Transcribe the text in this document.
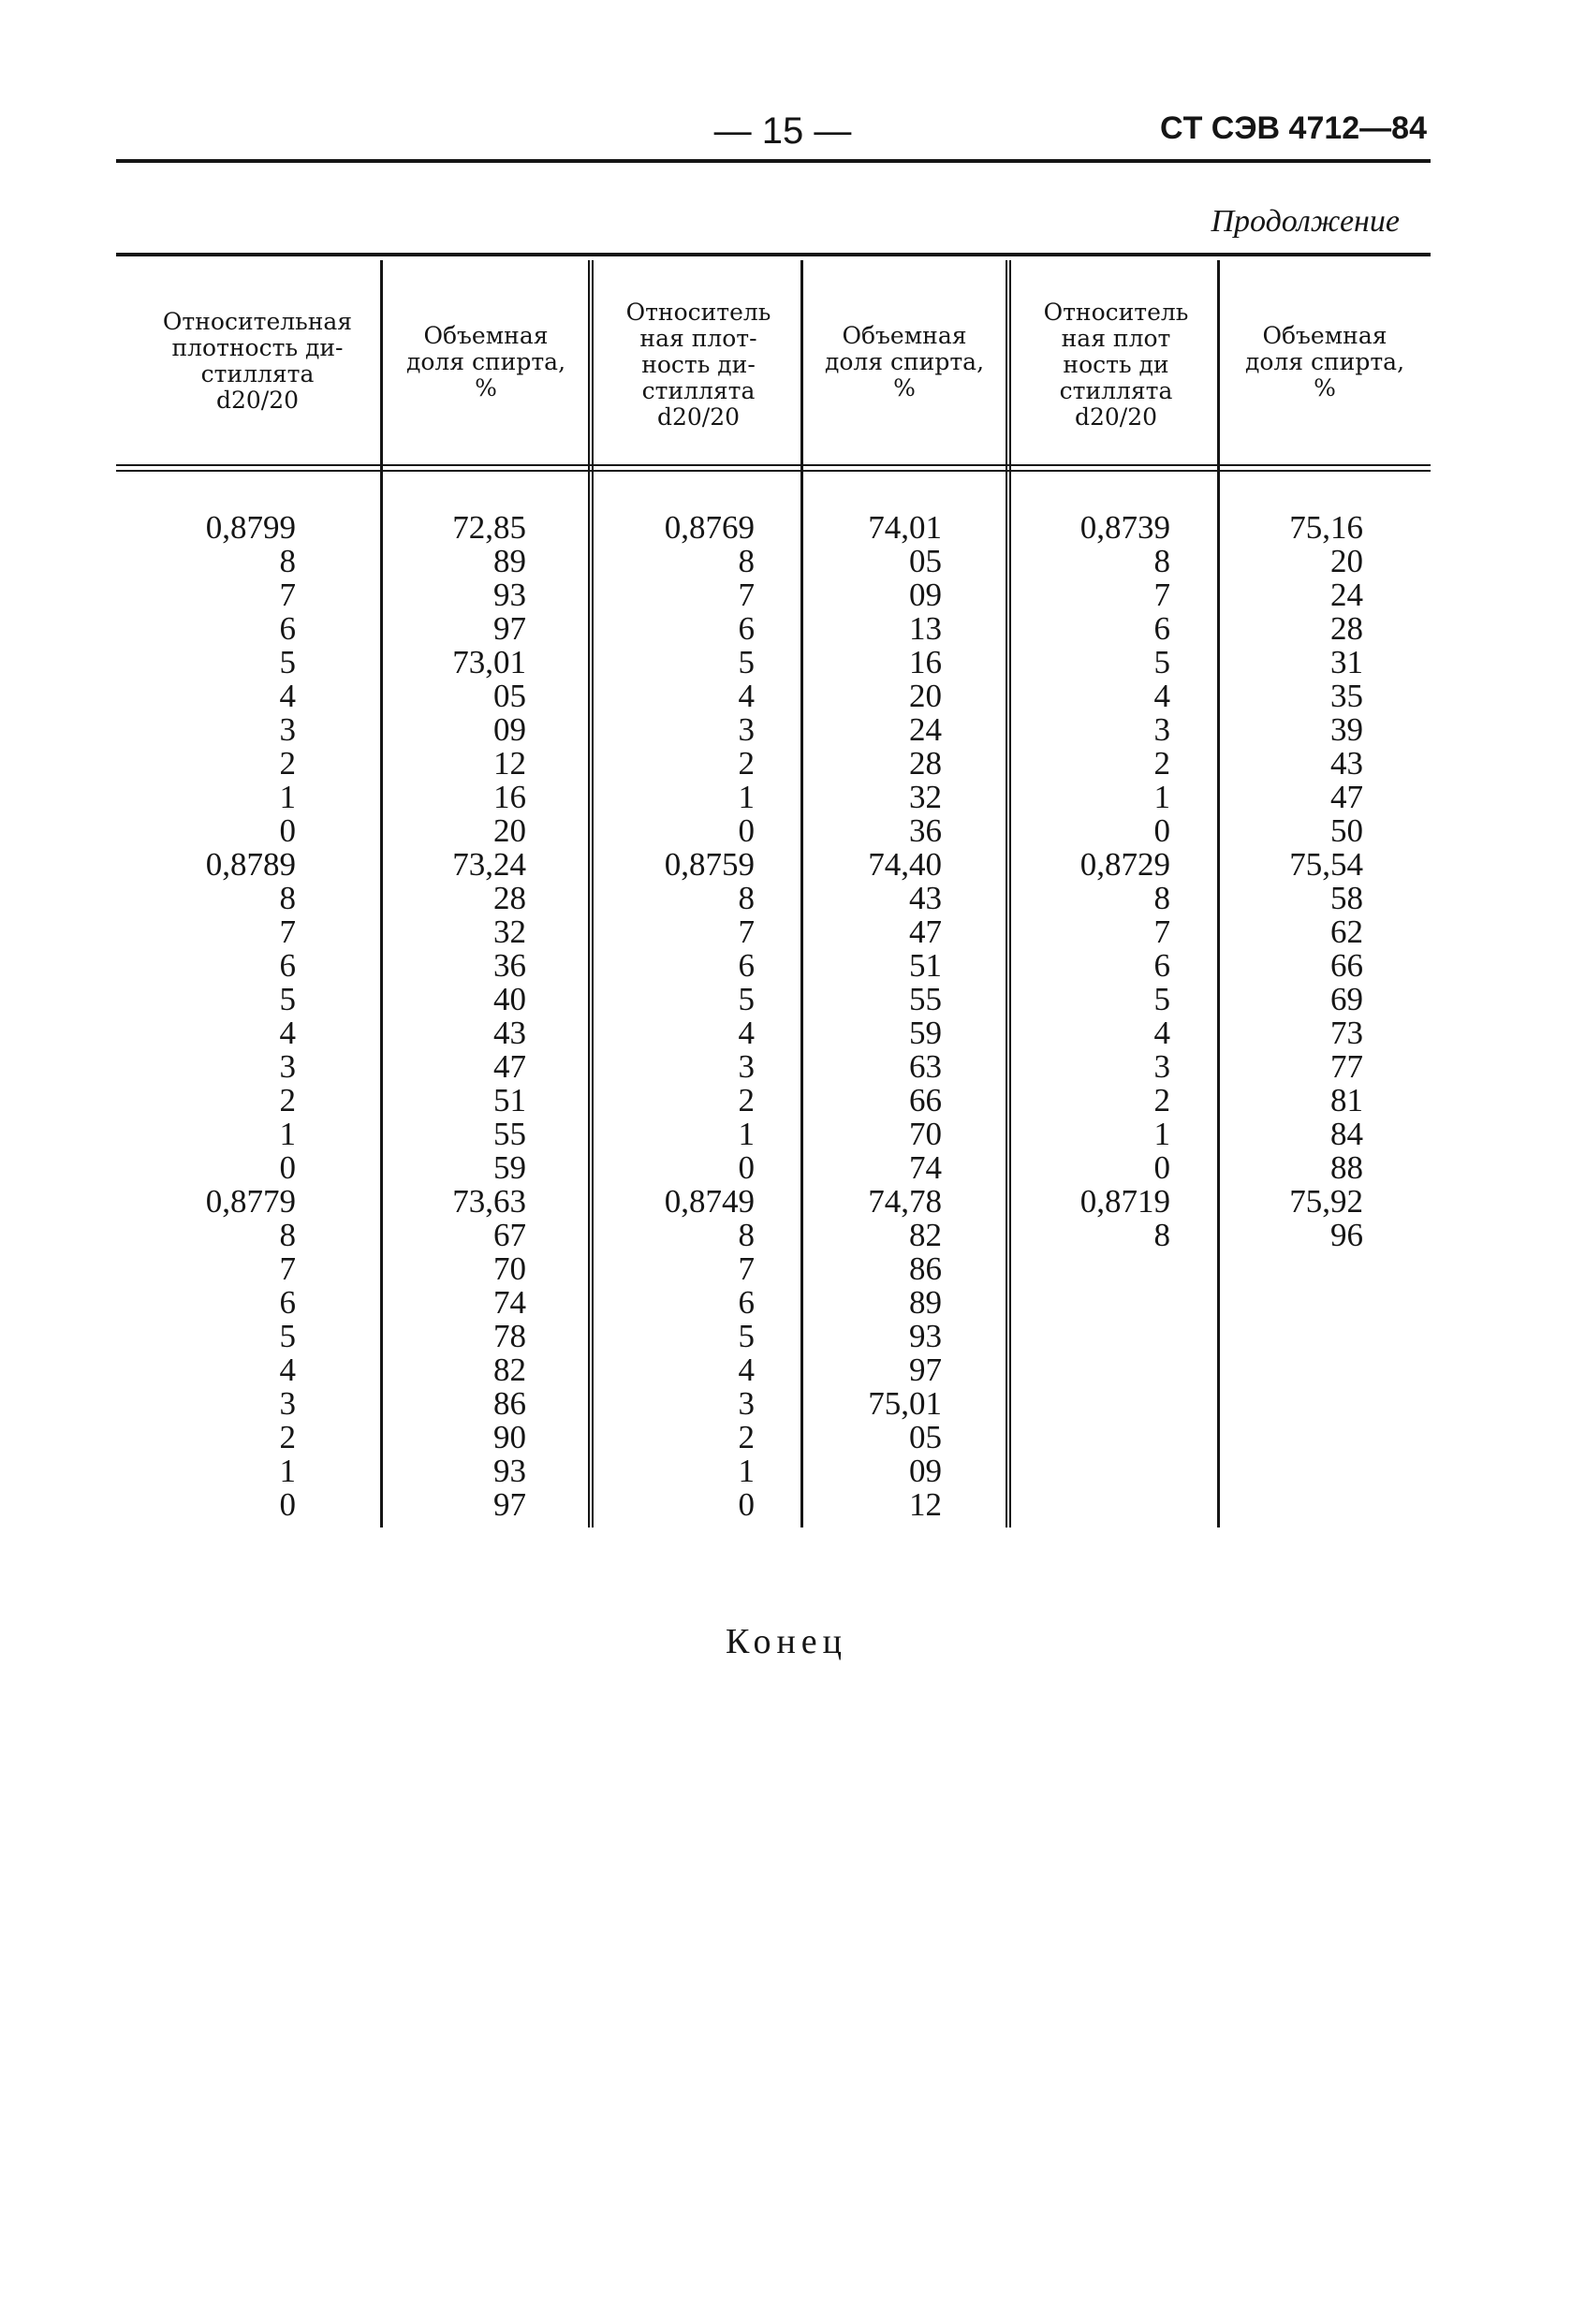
— 15 —	CT CЭB 4712—84
Продолжение
Относительная
плотность ди-
стиллята
d20/20
Объемная
доля спирта,
%
Относитель
ная плот-
ность ди-
стиллята
d20/20
Объемная
доля спирта,
%
Относитель
ная плот
ность ди
стиллята
d20/20
Объемная
доля спирта,
%
0,8799
8
7
6
5
4
3
2
1
0
0,8789
8
7
6
5
4
3
2
1
0
0,8779
8
7
6
5
4
3
2
1
0
72,85
89
93
97
73,01
05
09
12
16
20
73,24
28
32
36
40
43
47
51
55
59
73,63
67
70
74
78
82
86
90
93
97
0,8769
8
7
6
5
4
3
2
1
0
0,8759
8
7
6
5
4
3
2
1
0
0,8749
8
7
6
5
4
3
2
1
0
74,01
05
09
13
16
20
24
28
32
36
74,40
43
47
51
55
59
63
66
70
74
74,78
82
86
89
93
97
75,01
05
09
12
0,8739
8
7
6
5
4
3
2
1
0
0,8729
8
7
6
5
4
3
2
1
0
0,8719
8
75,16
20
24
28
31
35
39
43
47
50
75,54
58
62
66
69
73
77
81
84
88
75,92
96
Конец
